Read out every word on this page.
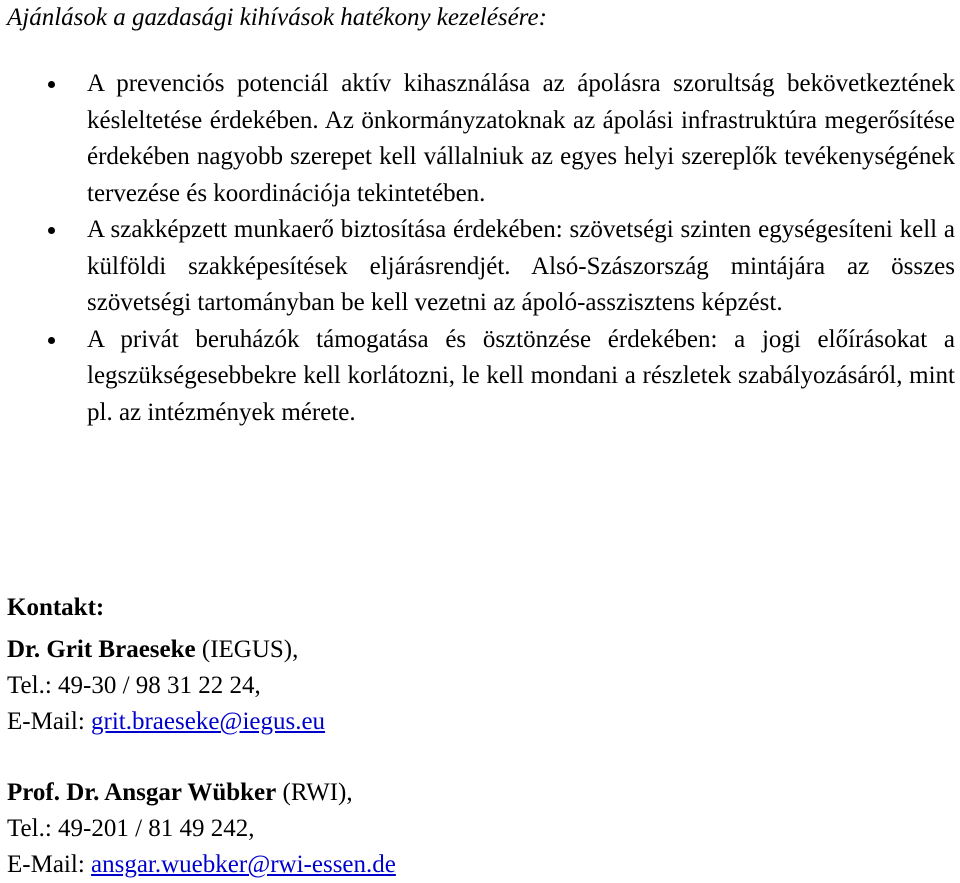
Ajánlások a gazdasági kihívások hatékony kezelésére:
A prevenciós potenciál aktív kihasználása az ápolásra szorultság bekövetkeztének késleltetése érdekében. Az önkormányzatoknak az ápolási infrastruktúra megerősítése érdekében nagyobb szerepet kell vállalniuk az egyes helyi szereplők tevékenységének tervezése és koordinációja tekintetében.
A szakképzett munkaerő biztosítása érdekében: szövetségi szinten egységesíteni kell a külföldi szakképesítések eljárásrendjét. Alsó-Szászország mintájára az összes szövetségi tartományban be kell vezetni az ápoló-asszisztens képzést.
A privát beruházók támogatása és ösztönzése érdekében: a jogi előírásokat a legszükségesebbekre kell korlátozni, le kell mondani a részletek szabályozásáról, mint pl. az intézmények mérete.
Kontakt:
Dr. Grit Braeseke (IEGUS),
Tel.: 49-30 / 98 31 22 24,
E-Mail: grit.braeseke@iegus.eu
Prof. Dr. Ansgar Wübker (RWI),
Tel.: 49-201 / 81 49 242,
E-Mail: ansgar.wuebker@rwi-essen.de
